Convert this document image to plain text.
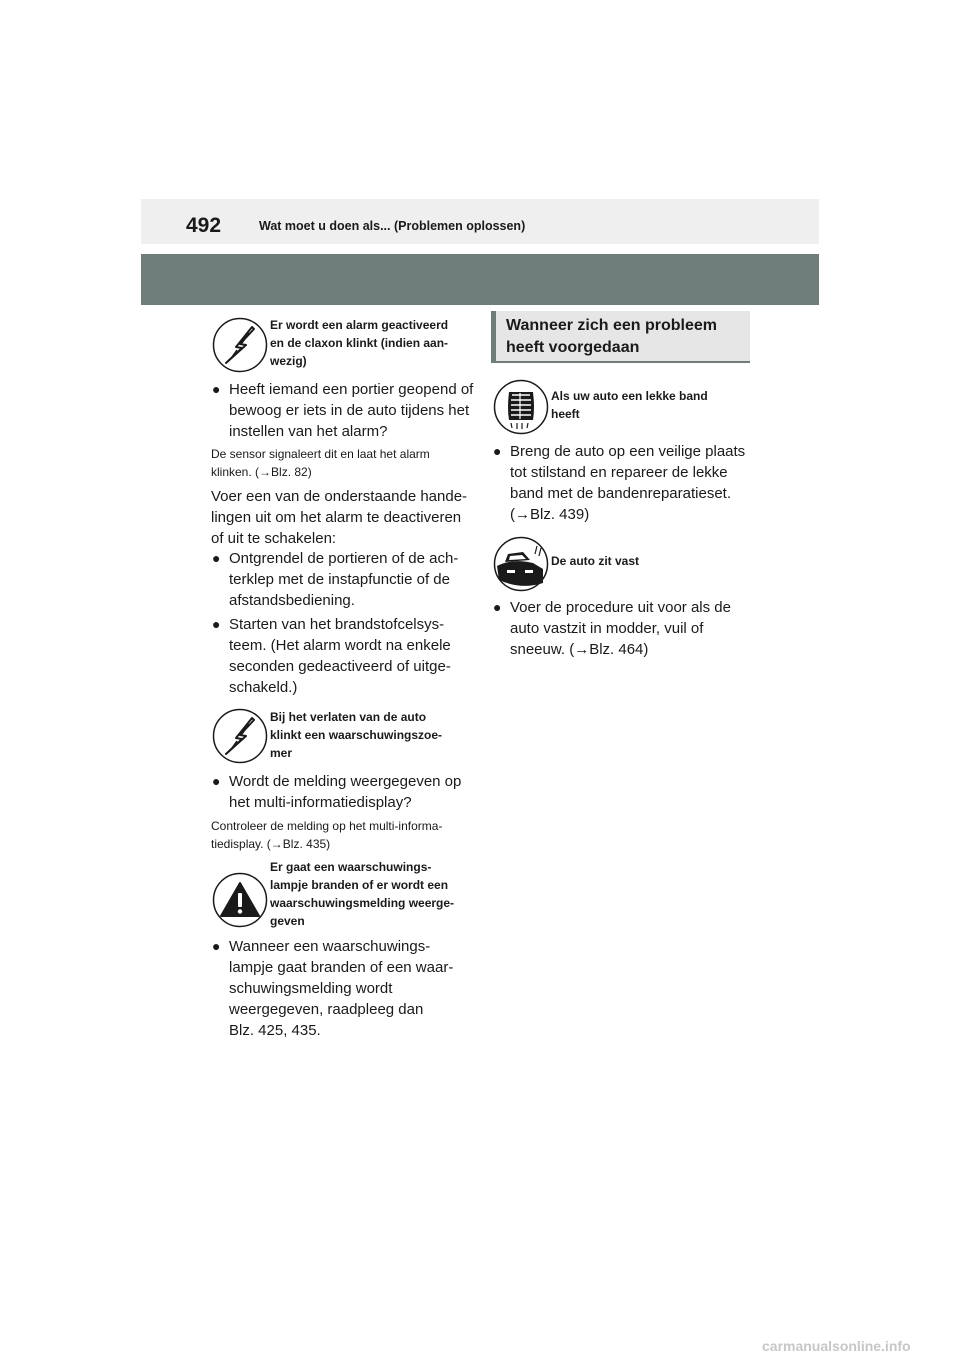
492	Wat moet u doen als... (Problemen oplossen)
Er wordt een alarm geactiveerd
en de claxon klinkt (indien aan-
wezig)
● Heeft iemand een portier geopend of
bewoog er iets in de auto tijdens het
instellen van het alarm?
De sensor signaleert dit en laat het alarm
klinken. (→Blz. 82)
Voer een van de onderstaande hande-
lingen uit om het alarm te deactiveren
of uit te schakelen:
● Ontgrendel de portieren of de ach-
terklep met de instapfunctie of de
afstandsbediening.
● Starten van het brandstofcelsys-
teem. (Het alarm wordt na enkele
seconden gedeactiveerd of uitge-
schakeld.)
Bij het verlaten van de auto
klinkt een waarschuwingszoe-
mer
● Wordt de melding weergegeven op
het multi-informatiedisplay?
Controleer de melding op het multi-informa-
tiedisplay. (→Blz. 435)
Er gaat een waarschuwings-
lampje branden of er wordt een
waarschuwingsmelding weerge-
geven
● Wanneer een waarschuwings-
lampje gaat branden of een waar-
schuwingsmelding wordt
weergegeven, raadpleeg dan
Blz. 425, 435.
Wanneer zich een probleem
heeft voorgedaan
Als uw auto een lekke band
heeft
● Breng de auto op een veilige plaats
tot stilstand en repareer de lekke
band met de bandenreparatieset.
(→Blz. 439)
De auto zit vast
● Voer de procedure uit voor als de
auto vastzit in modder, vuil of
sneeuw. (→Blz. 464)
carmanualsonline.info
